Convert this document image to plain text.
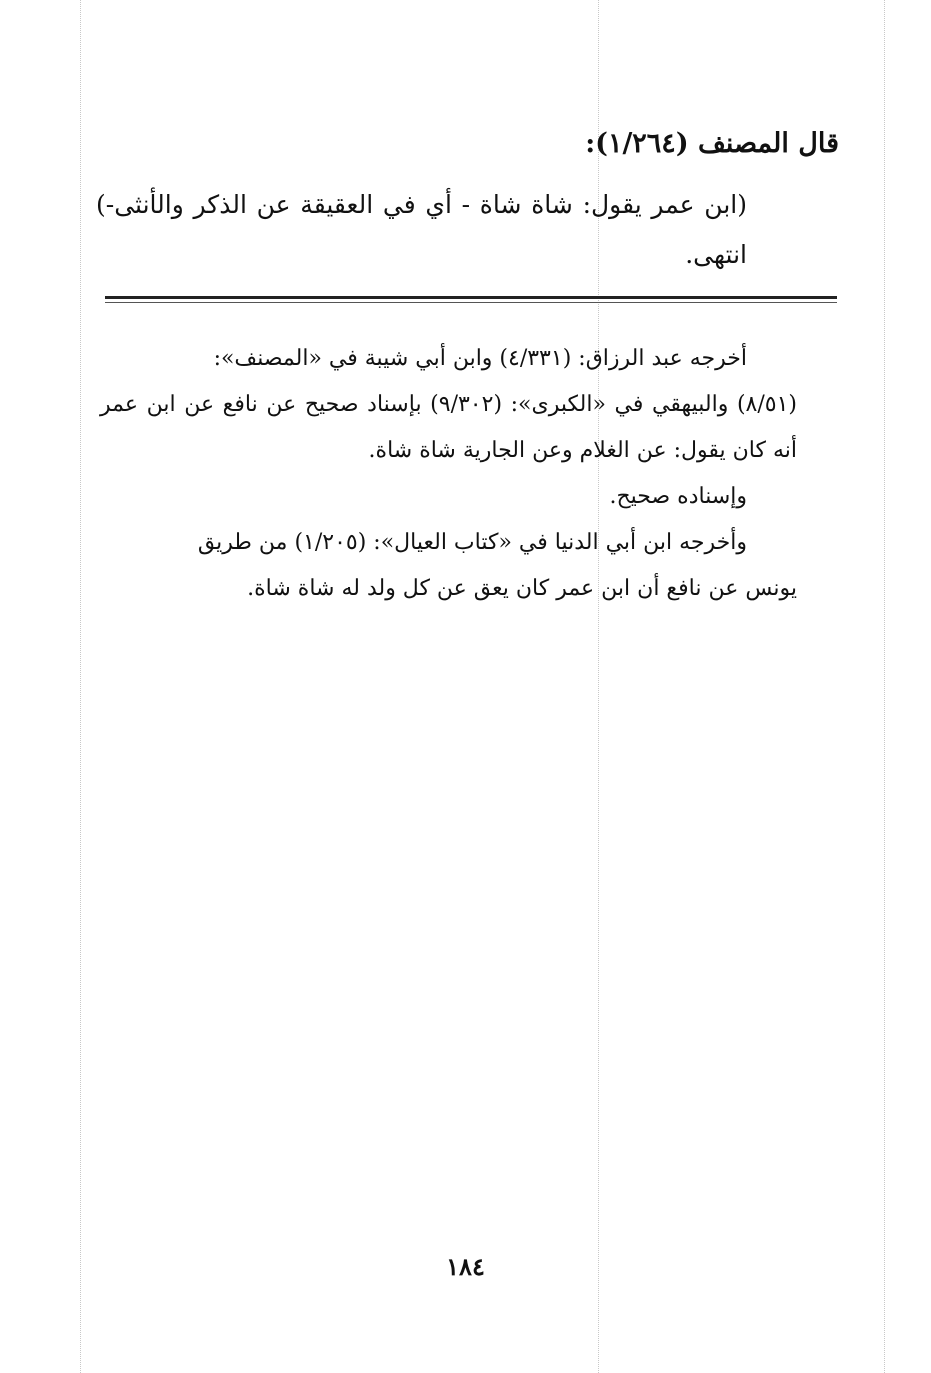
قال المصنف (١/٢٦٤):
(ابن عمر يقول: شاة شاة - أي في العقيقة عن الذكر والأنثى-) انتهى.

أخرجه عبد الرزاق: (٤/٣٣١) وابن أبي شيبة في «المصنف»:

(٨/٥١) والبيهقي في «الكبرى»: (٩/٣٠٢) بإسناد صحيح عن نافع عن ابن عمر أنه كان يقول: عن الغلام وعن الجارية شاة شاة.

وإسناده صحيح.

وأخرجه ابن أبي الدنيا في «كتاب العيال»: (١/٢٠٥) من طريق

يونس عن نافع أن ابن عمر كان يعق عن كل ولد له شاة شاة.

١٨٤
